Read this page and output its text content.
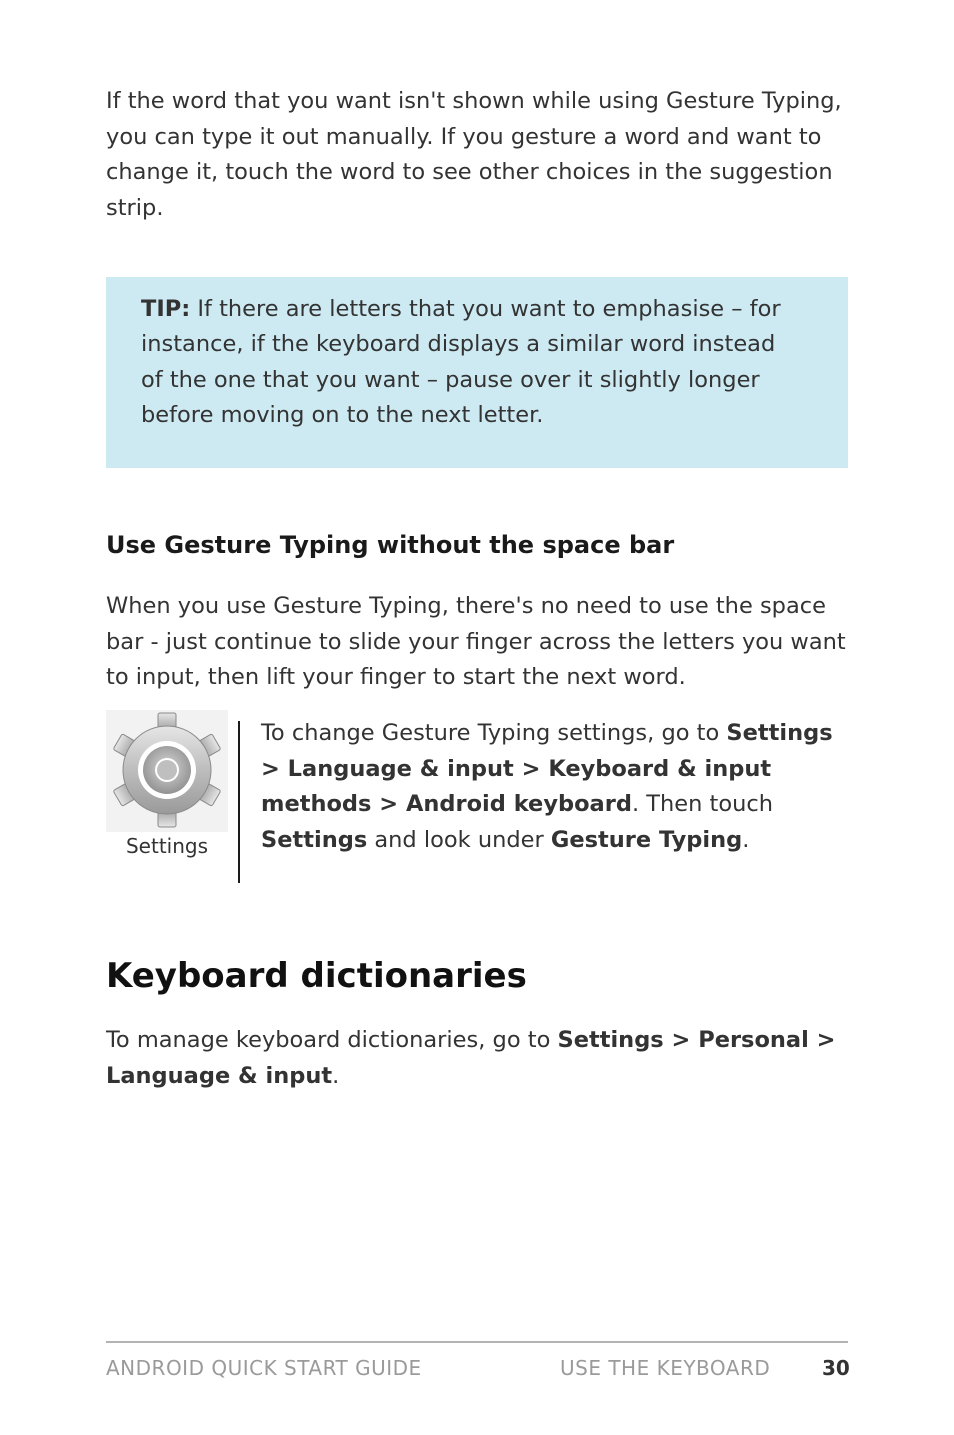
If the word that you want isn't shown while using Gesture Typing, you can type it out manually. If you gesture a word and want to change it, touch the word to see other choices in the suggestion strip.

TIP: If there are letters that you want to emphasise – for instance, if the keyboard displays a similar word instead of the one that you want – pause over it slightly longer before moving on to the next letter.

Use Gesture Typing without the space bar

When you use Gesture Typing, there's no need to use the space bar - just continue to slide your finger across the letters you want to input, then lift your finger to start the next word.

Settings

To change Gesture Typing settings, go to Settings > Language & input > Keyboard & input methods > Android keyboard. Then touch Settings and look under Gesture Typing.

Keyboard dictionaries

To manage keyboard dictionaries, go to Settings > Personal > Language & input.

ANDROID QUICK START GUIDE	USE THE KEYBOARD	30
